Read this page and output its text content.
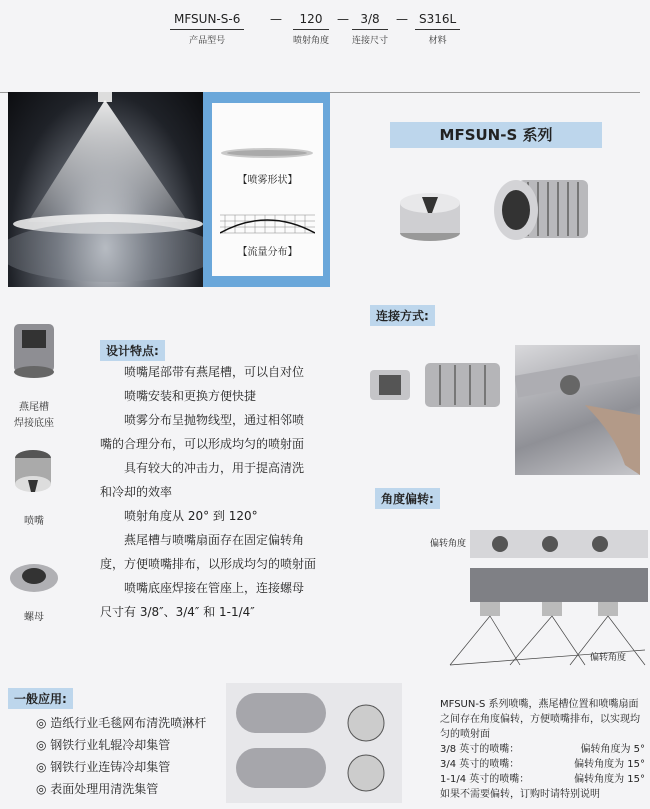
MFSUN-S-6
产品型号
—	120
喷射角度
— 3/8
连接尺寸
— S316L
材料
【喷雾形状】
【流量分布】
MFSUN-S 系列
连接方式:
设计特点:

喷嘴尾部带有燕尾槽，可以自对位

喷嘴安装和更换方便快捷

喷雾分布呈抛物线型，通过相邻喷

嘴的合理分布，可以形成均匀的喷射面

具有较大的冲击力，用于提高清洗

和冷却的效率

喷射角度从 20° 到 120°

燕尾槽与喷嘴扇面存在固定偏转角

度，方便喷嘴排布，以形成均匀的喷射面

喷嘴底座焊接在管座上，连接螺母

尺寸有 3/8″、3/4″ 和 1-1/4″

燕尾槽
焊接底座
喷嘴
螺母
角度偏转:
偏转角度
偏转角度
一般应用:
◎ 造纸行业毛毯网布清洗喷淋杆
◎ 钢铁行业轧辊冷却集管
◎ 钢铁行业连铸冷却集管
◎ 表面处理用清洗集管
MFSUN-S 系列喷嘴，燕尾槽位置和喷嘴扇面之间存在角度偏转，方便喷嘴排布，以实现均匀的喷射面
3/8 英寸的喷嘴：	偏转角度为 5°
3/4 英寸的喷嘴：	偏转角度为 15°
1-1/4 英寸的喷嘴：	偏转角度为 15°
如果不需要偏转，订购时请特别说明
